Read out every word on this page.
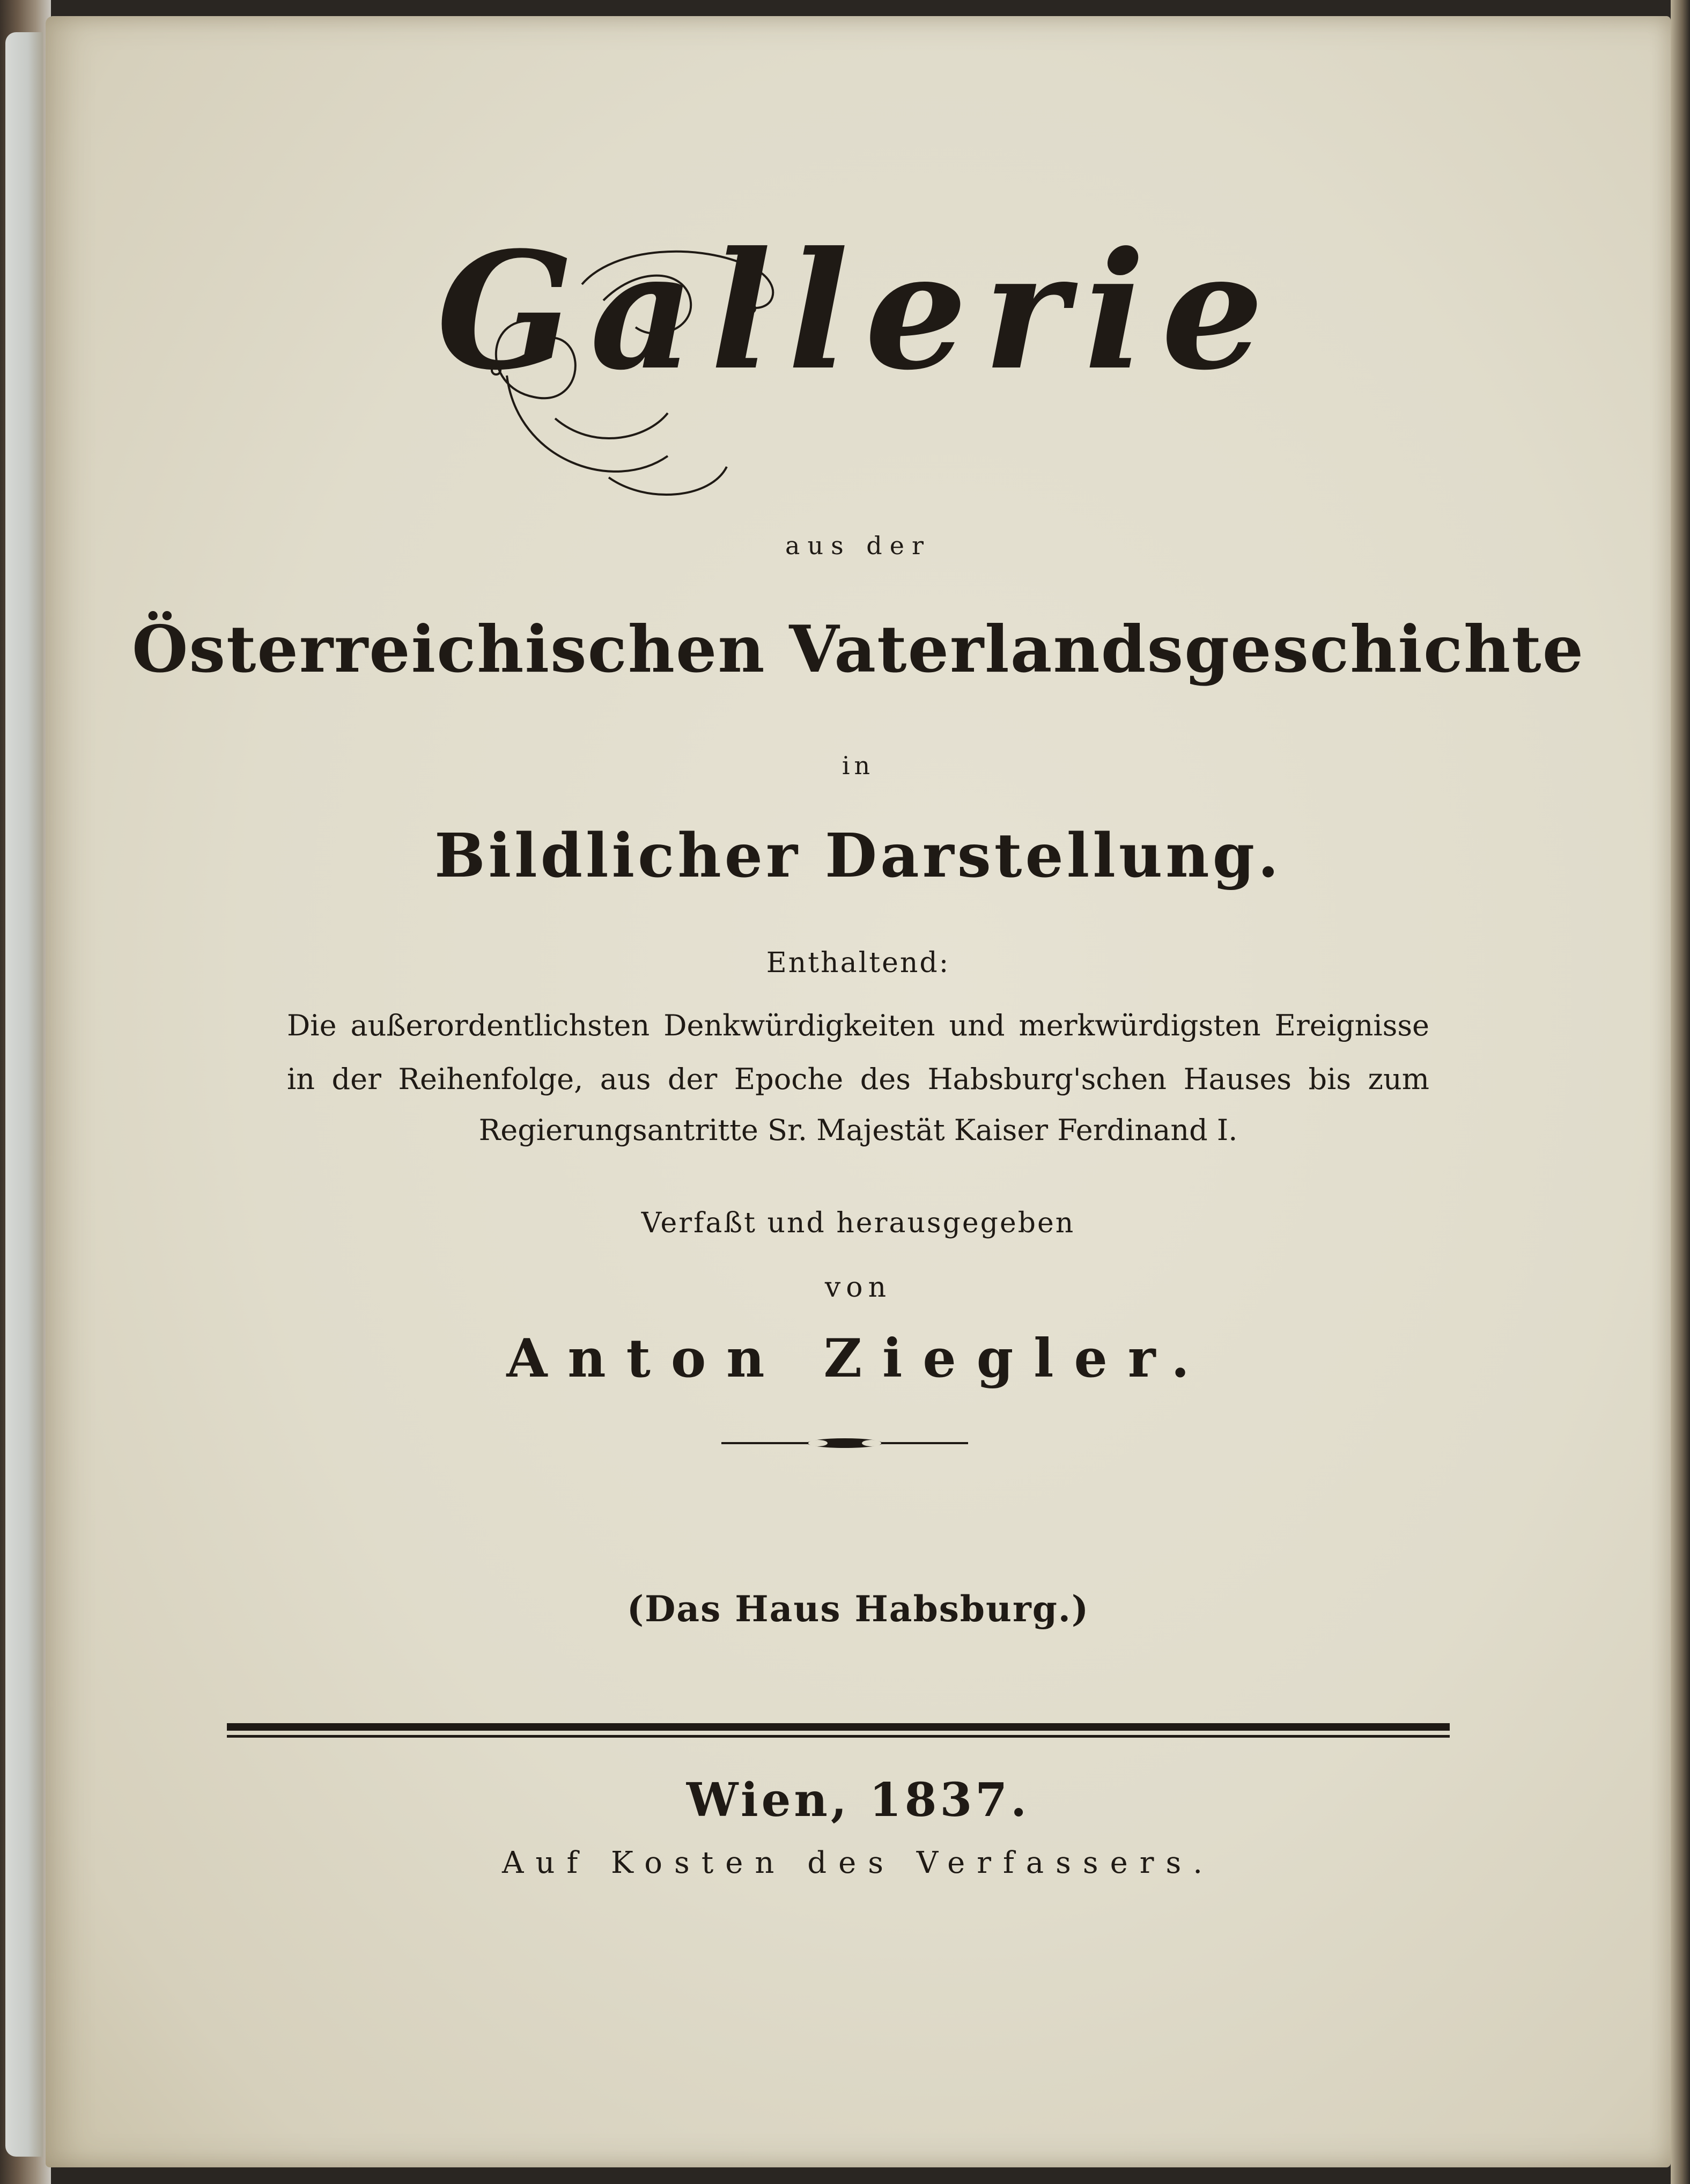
Gallerie
aus der
Österreichischen Vaterlandsgeschichte
in
Bildlicher Darstellung.
Enthaltend:
Die außerordentlichsten Denkwürdigkeiten und merkwürdigsten Ereignisse
in der Reihenfolge, aus der Epoche des Habsburg'schen Hauses bis zum
Regierungsantritte Sr. Majestät Kaiser Ferdinand I.
Verfaßt und herausgegeben
von
Anton Ziegler.
(Das Haus Habsburg.)
Wien, 1837.
Auf Kosten des Verfassers.
